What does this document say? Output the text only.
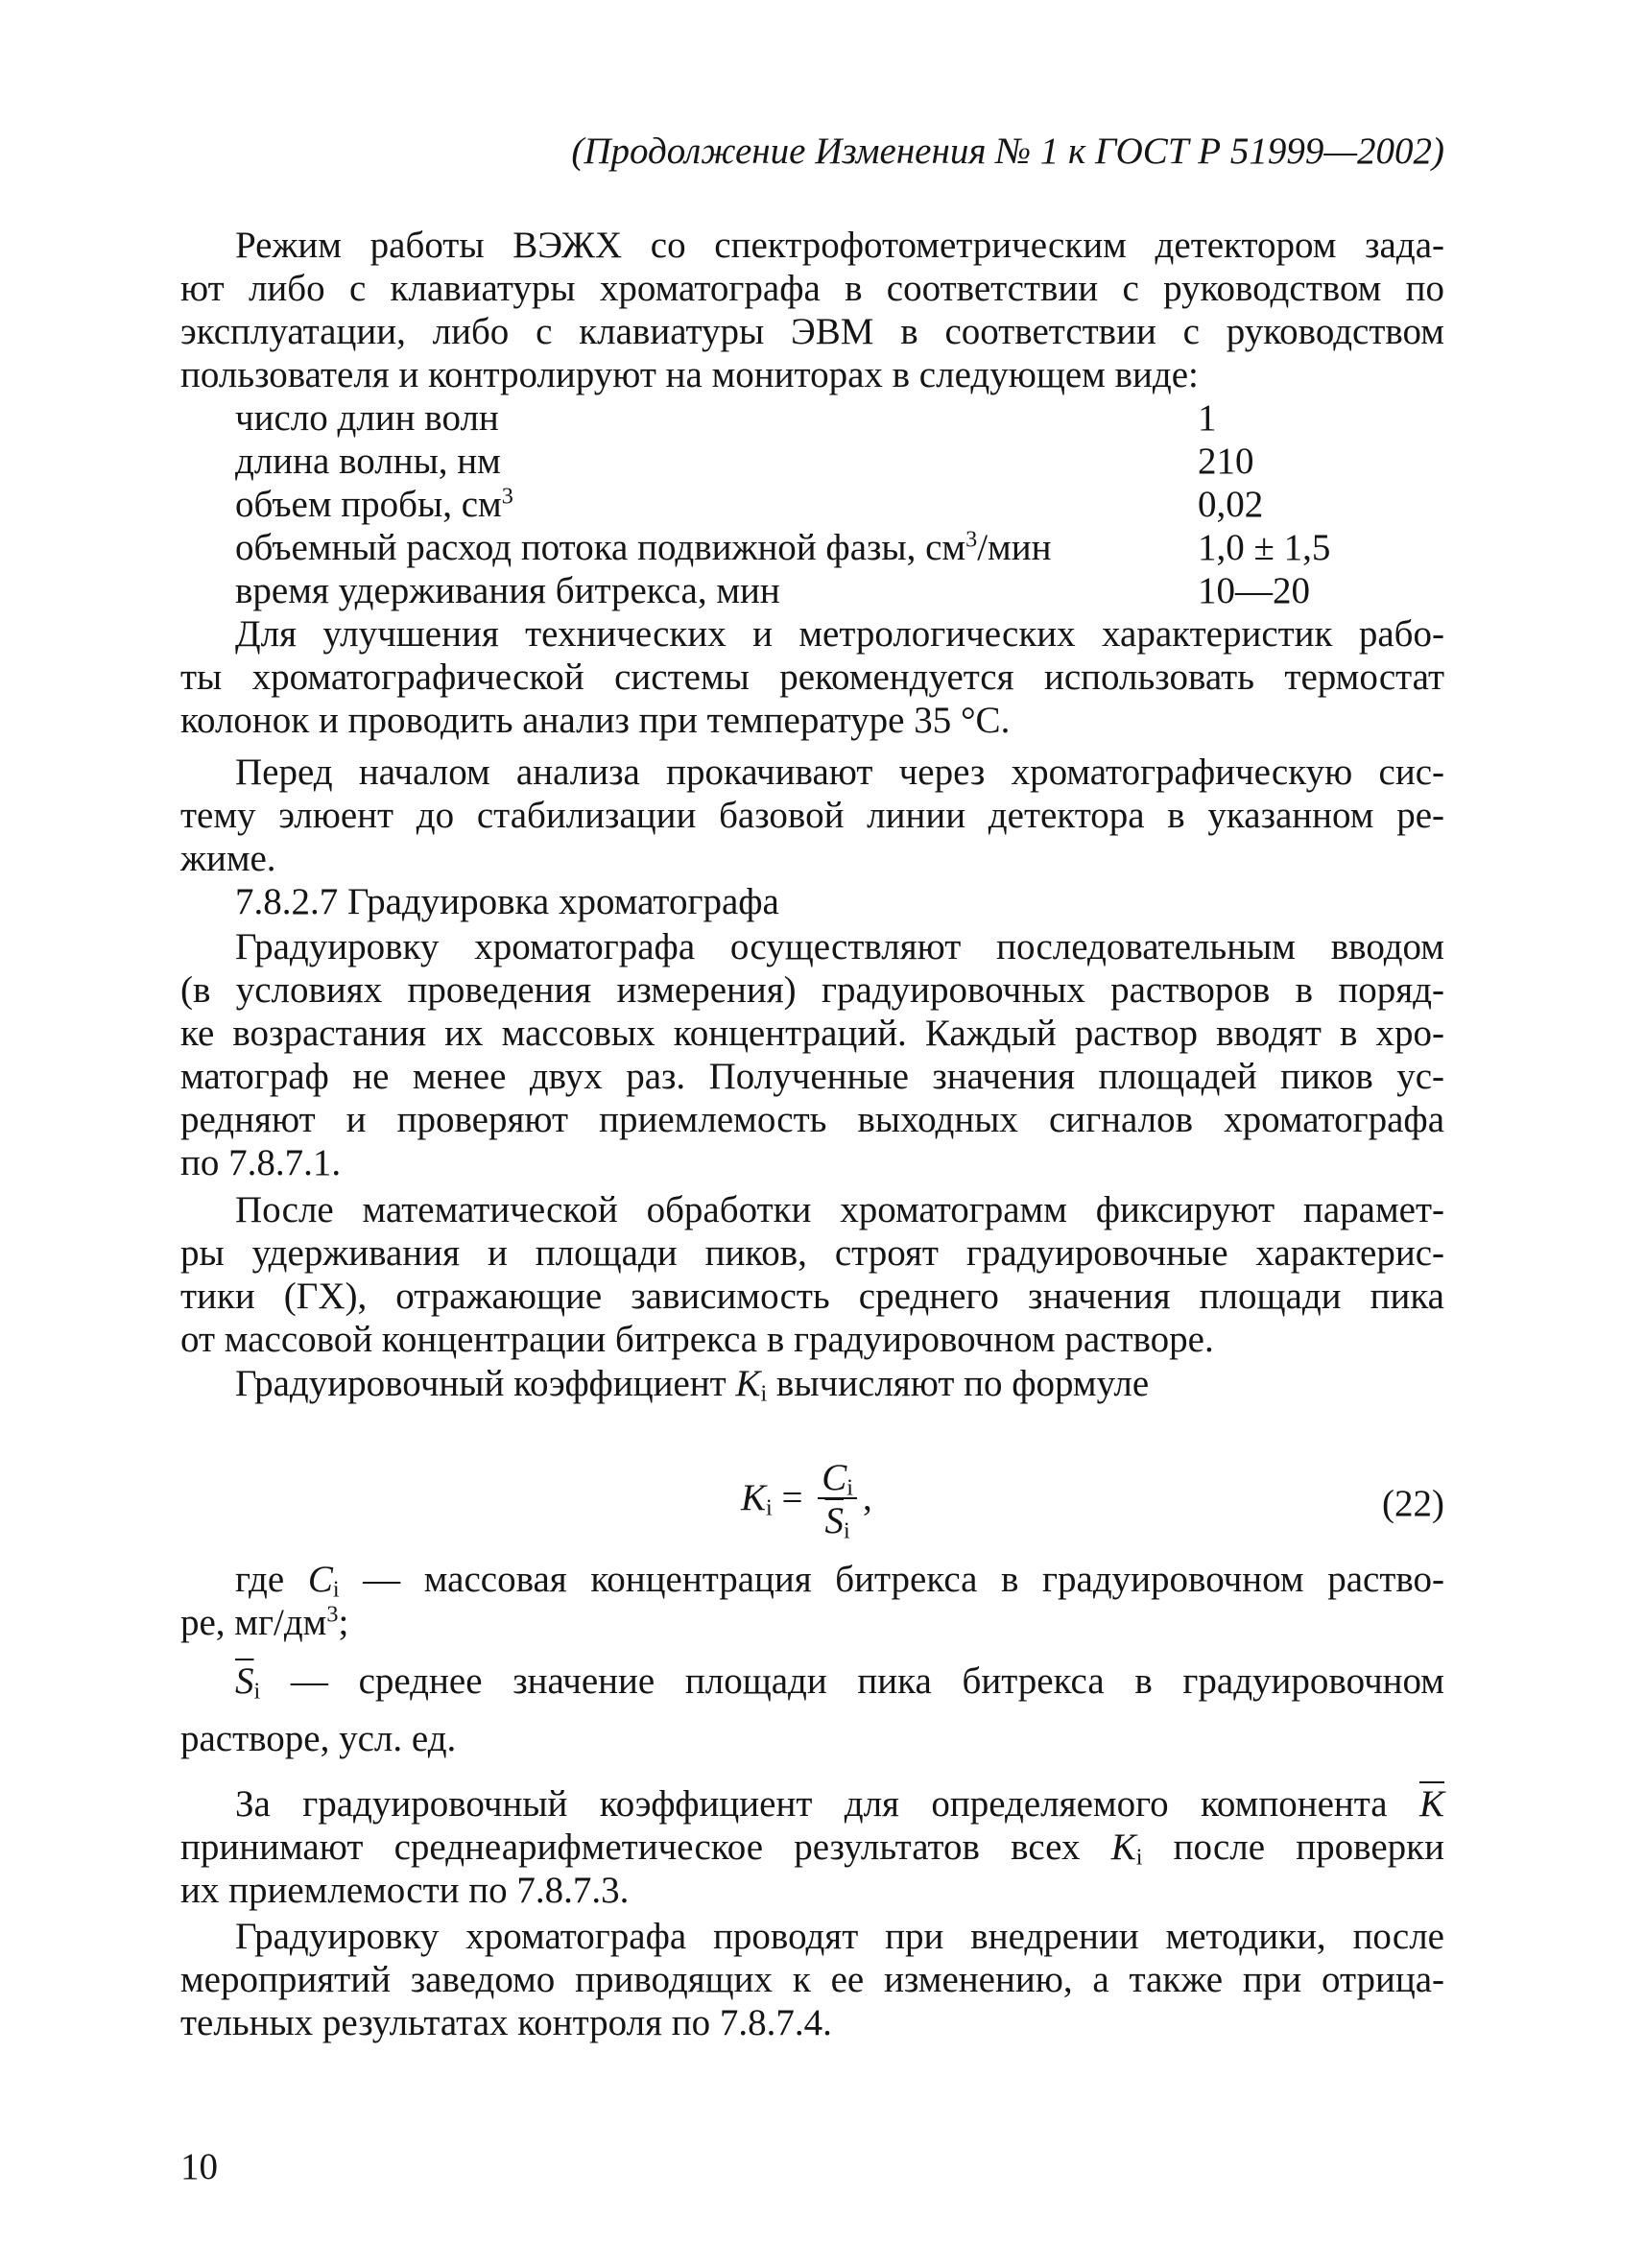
(Продолжение Изменения № 1 к ГОСТ Р 51999—2002)
Режим работы ВЭЖХ со спектрофотометрическим детектором зада-
ют либо с клавиатуры хроматографа в соответствии с руководством по
эксплуатации, либо с клавиатуры ЭВМ в соответствии с руководством
пользователя и контролируют на мониторах в следующем виде:
число длин волн	1
длина волны, нм	210
объем пробы, $см^3$	0,02
объемный расход потока подвижной фазы, $см^3$/мин	1,0 ± 1,5
время удерживания битрекса, мин	10—20
Для улучшения технических и метрологических характеристик рабо-
ты хроматографической системы рекомендуется использовать термостат
колонок и проводить анализ при температуре 35 °С.
Перед началом анализа прокачивают через хроматографическую сис-
тему элюент до стабилизации базовой линии детектора в указанном ре-
жиме.
7.8.2.7 Градуировка хроматографа
Градуировку хроматографа осуществляют последовательным вводом
(в условиях проведения измерения) градуировочных растворов в поряд-
ке возрастания их массовых концентраций. Каждый раствор вводят в хро-
матограф не менее двух раз. Полученные значения площадей пиков ус-
редняют и проверяют приемлемость выходных сигналов хроматографа
по 7.8.7.1.
После математической обработки хроматограмм фиксируют парамет-
ры удерживания и площади пиков, строят градуировочные характерис-
тики (ГХ), отражающие зависимость среднего значения площади пика
от массовой концентрации битрекса в градуировочном растворе.
Градуировочный коэффициент Ki вычисляют по формуле
$Ki = \frac{Ci}{\overline{S}i}$ ,	(22)
где Ci — массовая концентрация битрекса в градуировочном раство-
ре, $мг/дм^3$;
$\overline{S}i$ — среднее значение площади пика битрекса в градуировочном
растворе, усл. ед.
За градуировочный коэффициент для определяемого компонента $\overline{K}$
принимают среднеарифметическое результатов всех Ki после проверки
их приемлемости по 7.8.7.3.
Градуировку хроматографа проводят при внедрении методики, после
мероприятий заведомо приводящих к ее изменению, а также при отрица-
тельных результатах контроля по 7.8.7.4.
10
